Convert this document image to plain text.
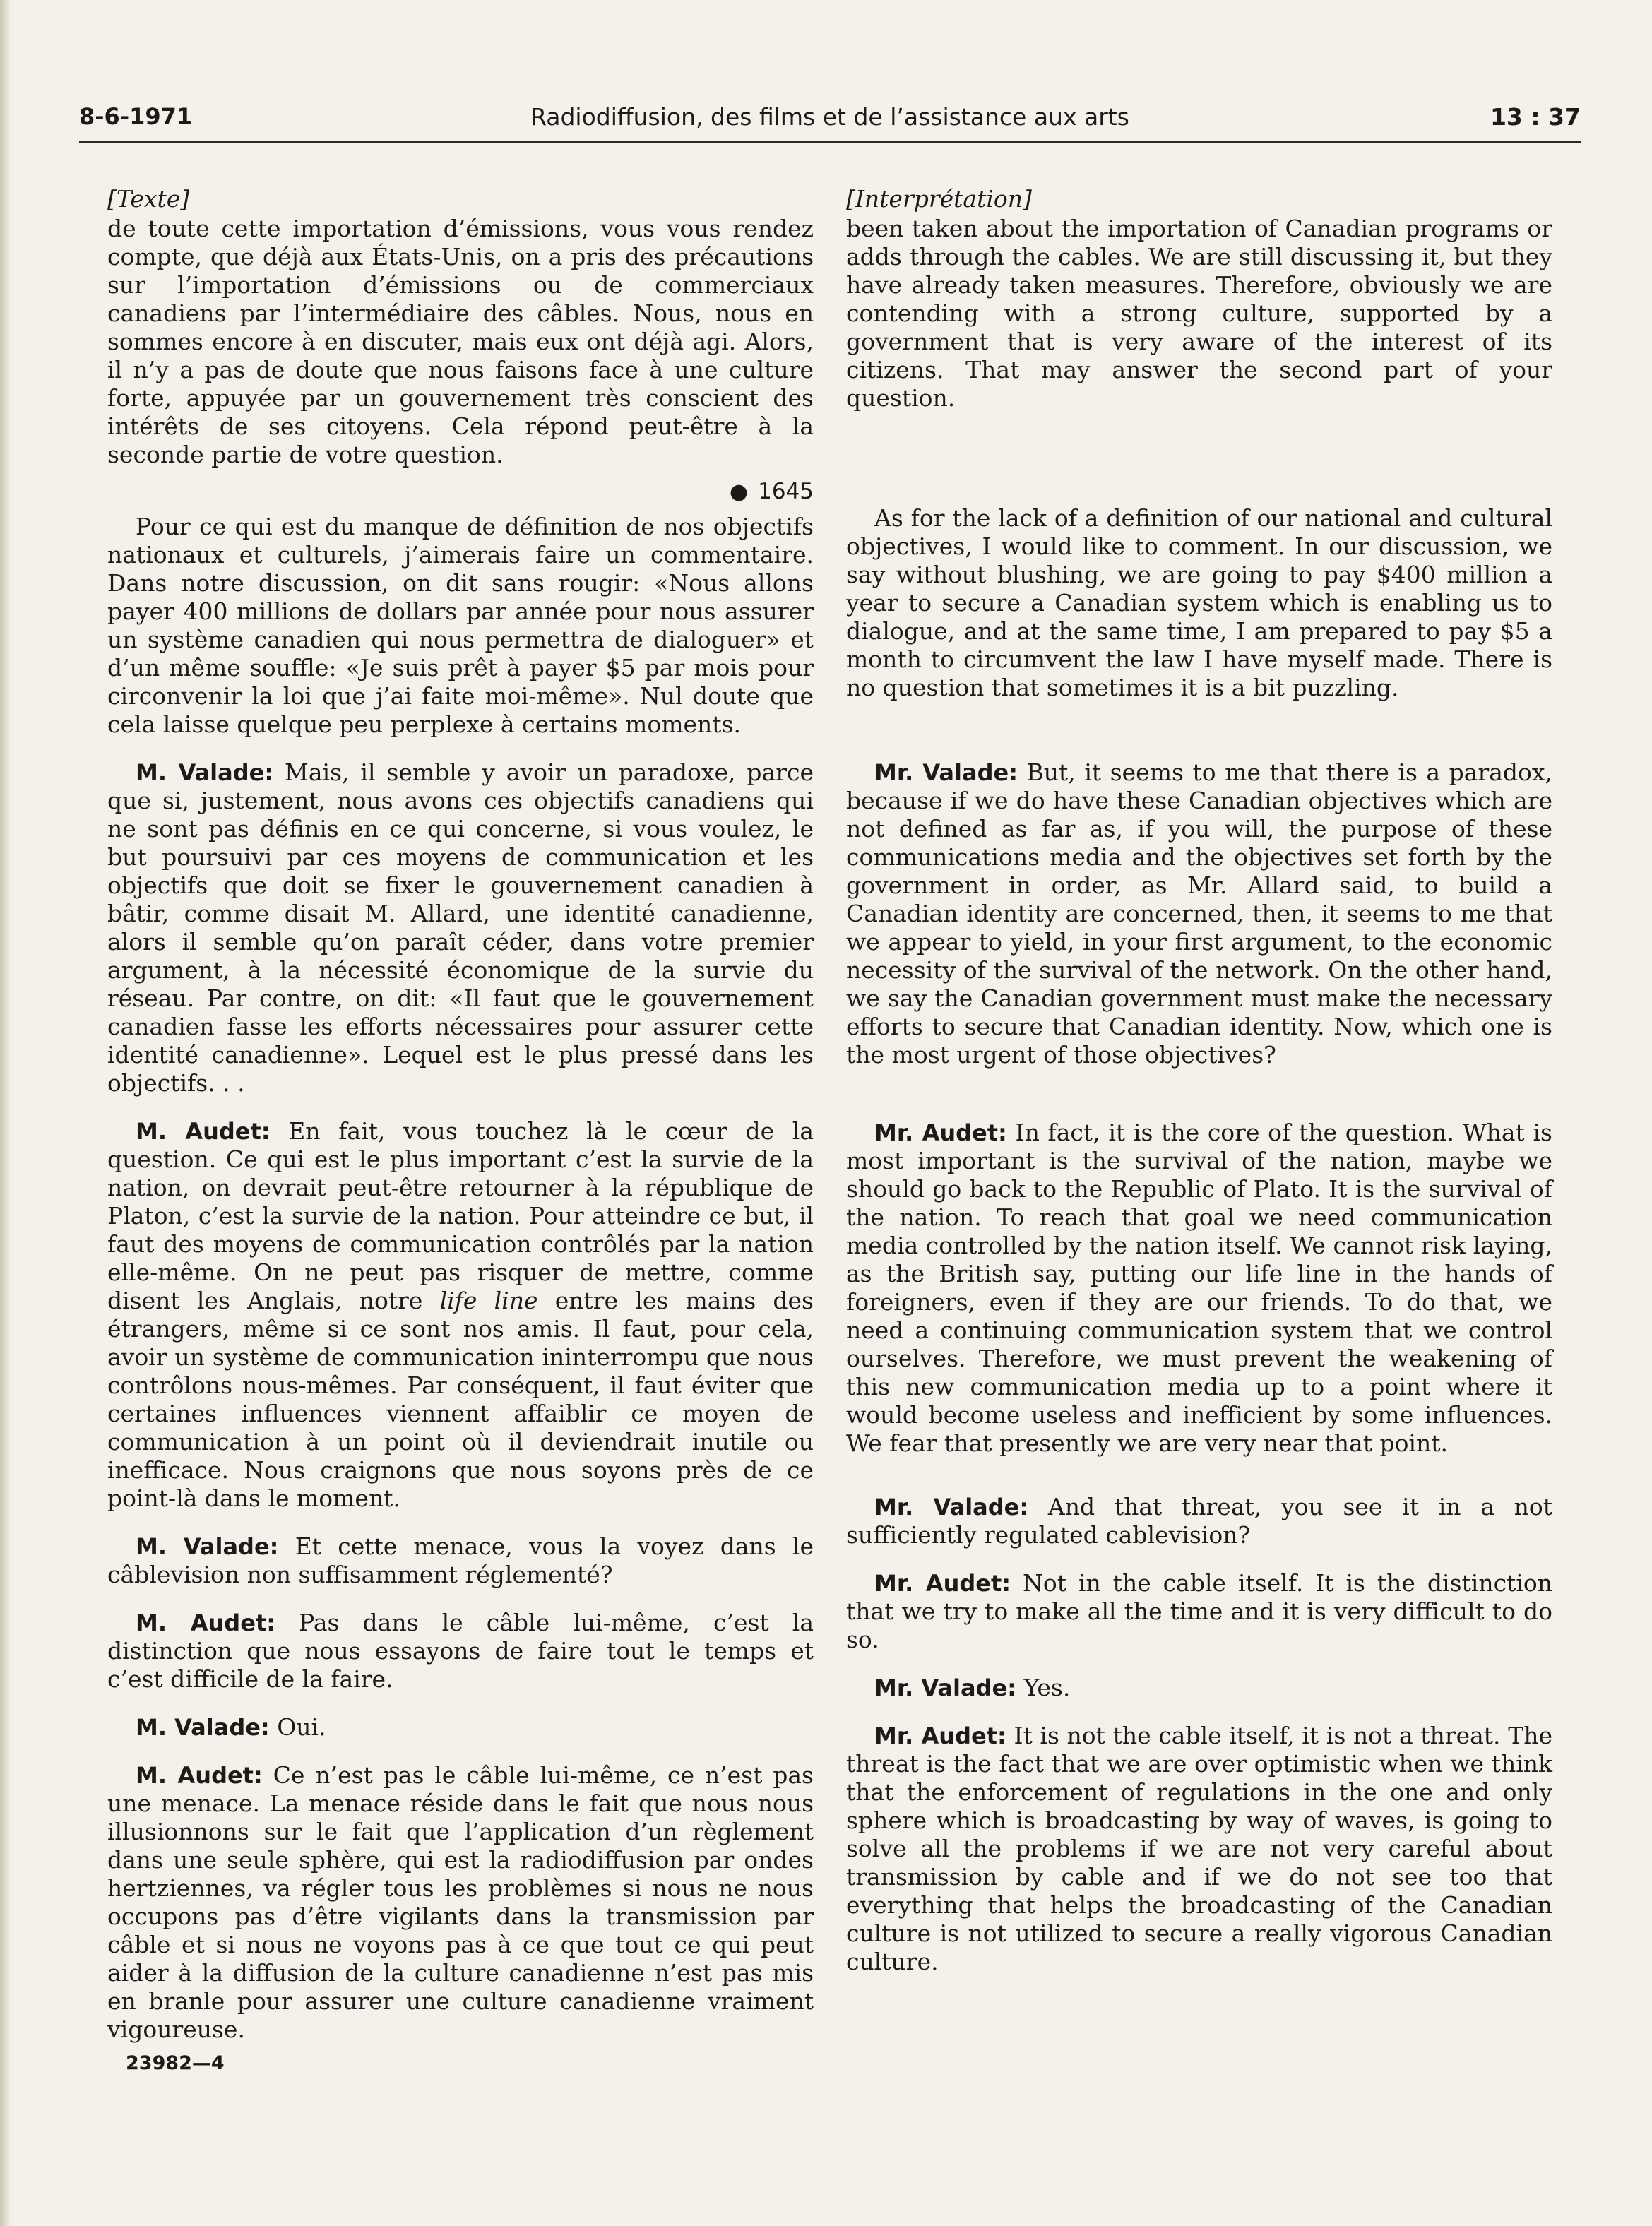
8-6-1971	Radiodiffusion, des films et de l’assistance aux arts	13 : 37

[Texte]

de toute cette importation d’émissions, vous vous rendez compte, que déjà aux États-Unis, on a pris des précautions sur l’importation d’émissions ou de commerciaux canadiens par l’intermédiaire des câbles. Nous, nous en sommes encore à en discuter, mais eux ont déjà agi. Alors, il n’y a pas de doute que nous faisons face à une culture forte, appuyée par un gouvernement très conscient des intérêts de ses citoyens. Cela répond peut-être à la seconde partie de votre question.

● 1645

Pour ce qui est du manque de définition de nos objectifs nationaux et culturels, j’aimerais faire un commentaire. Dans notre discussion, on dit sans rougir: «Nous allons payer 400 millions de dollars par année pour nous assurer un système canadien qui nous permettra de dialoguer» et d’un même souffle: «Je suis prêt à payer $5 par mois pour circonvenir la loi que j’ai faite moi-même». Nul doute que cela laisse quelque peu perplexe à certains moments.

M. Valade: Mais, il semble y avoir un paradoxe, parce que si, justement, nous avons ces objectifs canadiens qui ne sont pas définis en ce qui concerne, si vous voulez, le but poursuivi par ces moyens de communication et les objectifs que doit se fixer le gouvernement canadien à bâtir, comme disait M. Allard, une identité canadienne, alors il semble qu’on paraît céder, dans votre premier argument, à la nécessité économique de la survie du réseau. Par contre, on dit: «Il faut que le gouvernement canadien fasse les efforts nécessaires pour assurer cette identité canadienne». Lequel est le plus pressé dans les objectifs. . .

M. Audet: En fait, vous touchez là le cœur de la question. Ce qui est le plus important c’est la survie de la nation, on devrait peut-être retourner à la république de Platon, c’est la survie de la nation. Pour atteindre ce but, il faut des moyens de communication contrôlés par la nation elle-même. On ne peut pas risquer de mettre, comme disent les Anglais, notre life line entre les mains des étrangers, même si ce sont nos amis. Il faut, pour cela, avoir un système de communication ininterrompu que nous contrôlons nous-mêmes. Par conséquent, il faut éviter que certaines influences viennent affaiblir ce moyen de communication à un point où il deviendrait inutile ou inefficace. Nous craignons que nous soyons près de ce point-là dans le moment.

M. Valade: Et cette menace, vous la voyez dans le câblevision non suffisamment réglementé?

M. Audet: Pas dans le câble lui-même, c’est la distinction que nous essayons de faire tout le temps et c’est difficile de la faire.

M. Valade: Oui.

M. Audet: Ce n’est pas le câble lui-même, ce n’est pas une menace. La menace réside dans le fait que nous nous illusionnons sur le fait que l’application d’un règlement dans une seule sphère, qui est la radiodiffusion par ondes hertziennes, va régler tous les problèmes si nous ne nous occupons pas d’être vigilants dans la transmission par câble et si nous ne voyons pas à ce que tout ce qui peut aider à la diffusion de la culture canadienne n’est pas mis en branle pour assurer une culture canadienne vraiment vigoureuse.

23982—4

[Interprétation]

been taken about the importation of Canadian programs or adds through the cables. We are still discussing it, but they have already taken measures. Therefore, obviously we are contending with a strong culture, supported by a government that is very aware of the interest of its citizens. That may answer the second part of your question.

As for the lack of a definition of our national and cultural objectives, I would like to comment. In our discussion, we say without blushing, we are going to pay $400 million a year to secure a Canadian system which is enabling us to dialogue, and at the same time, I am prepared to pay $5 a month to circumvent the law I have myself made. There is no question that sometimes it is a bit puzzling.

Mr. Valade: But, it seems to me that there is a paradox, because if we do have these Canadian objectives which are not defined as far as, if you will, the purpose of these communications media and the objectives set forth by the government in order, as Mr. Allard said, to build a Canadian identity are concerned, then, it seems to me that we appear to yield, in your first argument, to the economic necessity of the survival of the network. On the other hand, we say the Canadian government must make the necessary efforts to secure that Canadian identity. Now, which one is the most urgent of those objectives?

Mr. Audet: In fact, it is the core of the question. What is most important is the survival of the nation, maybe we should go back to the Republic of Plato. It is the survival of the nation. To reach that goal we need communication media controlled by the nation itself. We cannot risk laying, as the British say, putting our life line in the hands of foreigners, even if they are our friends. To do that, we need a continuing communication system that we control ourselves. Therefore, we must prevent the weakening of this new communication media up to a point where it would become useless and inefficient by some influences. We fear that presently we are very near that point.

Mr. Valade: And that threat, you see it in a not sufficiently regulated cablevision?

Mr. Audet: Not in the cable itself. It is the distinction that we try to make all the time and it is very difficult to do so.

Mr. Valade: Yes.

Mr. Audet: It is not the cable itself, it is not a threat. The threat is the fact that we are over optimistic when we think that the enforcement of regulations in the one and only sphere which is broadcasting by way of waves, is going to solve all the problems if we are not very careful about transmission by cable and if we do not see too that everything that helps the broadcasting of the Canadian culture is not utilized to secure a really vigorous Canadian culture.
